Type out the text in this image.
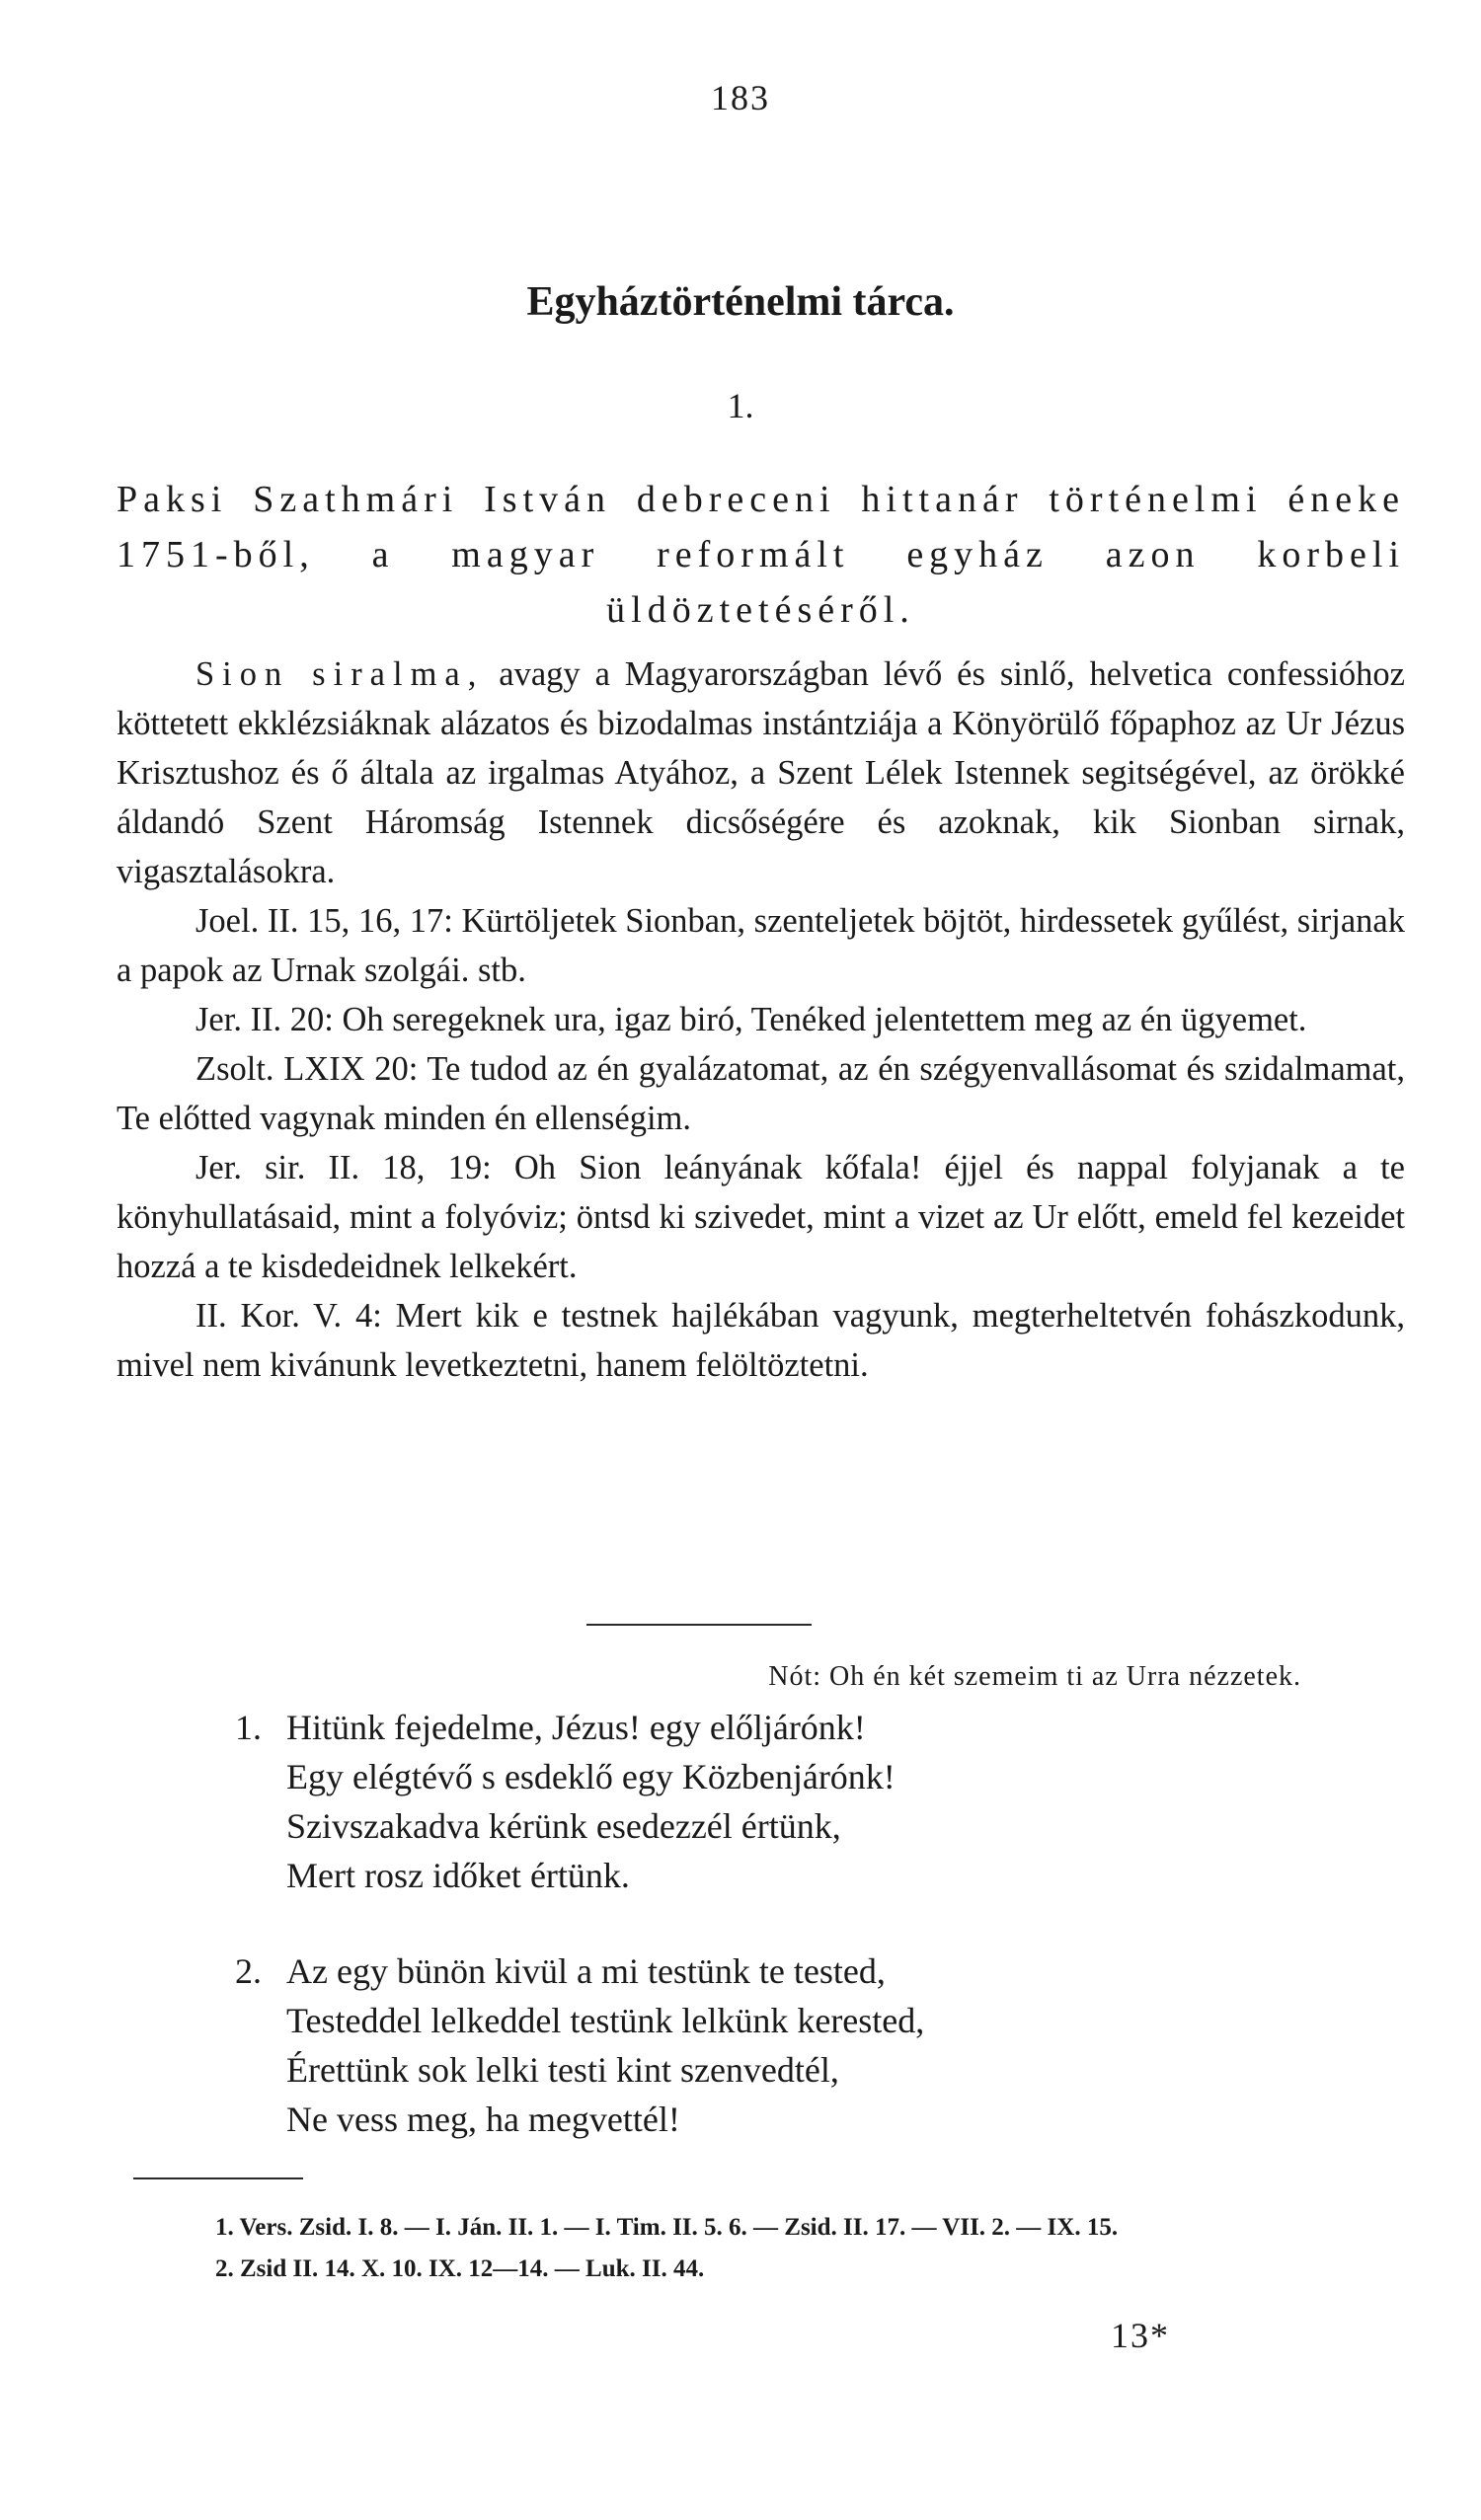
183
Egyháztörténelmi tárca.
1.
Paksi Szathmári István debreceni hittanár történelmi éneke 1751-ből, a magyar reformált egyház azon korbeli üldöztetéséről.

Sion siralma, avagy a Magyarországban lévő és sinlő, helvetica confessióhoz köttetett ekklézsiáknak alázatos és bizodalmas instántziája a Könyörülő főpaphoz az Ur Jézus Krisztushoz és ő általa az irgalmas Atyához, a Szent Lélek Istennek segitségével, az örökké áldandó Szent Háromság Istennek dicsőségére és azoknak, kik Sionban sirnak, vigasztalásokra.

Joel. II. 15, 16, 17: Kürtöljetek Sionban, szenteljetek böjtöt, hirdessetek gyűlést, sirjanak a papok az Urnak szolgái. stb.

Jer. II. 20: Oh seregeknek ura, igaz biró, Tenéked jelentettem meg az én ügyemet.

Zsolt. LXIX 20: Te tudod az én gyalázatomat, az én szégyenvallásomat és szidalmamat, Te előtted vagynak minden én ellenségim.

Jer. sir. II. 18, 19: Oh Sion leányának kőfala! éjjel és nappal folyjanak a te könyhullatásaid, mint a folyóviz; öntsd ki szivedet, mint a vizet az Ur előtt, emeld fel kezeidet hozzá a te kisdedeidnek lelkekért.

II. Kor. V. 4: Mert kik e testnek hajlékában vagyunk, megterheltetvén fohászkodunk, mivel nem kivánunk levetkeztetni, hanem felöltöztetni.

Nót: Oh én két szemeim ti az Urra nézzetek.
1. Hitünk fejedelme, Jézus! egy előljárónk!
Egy elégtévő s esdeklő egy Közbenjárónk!
Szivszakadva kérünk esedezzél értünk,
Mert rosz időket értünk.
2. Az egy bünön kivül a mi testünk te tested,
Testeddel lelkeddel testünk lelkünk kerested,
Érettünk sok lelki testi kint szenvedtél,
Ne vess meg, ha megvettél!

1. Vers. Zsid. I. 8. — I. Ján. II. 1. — I. Tim. II. 5. 6. — Zsid. II. 17. — VII. 2. — IX. 15.

2. Zsid II. 14. X. 10. IX. 12—14. — Luk. II. 44.

13*
